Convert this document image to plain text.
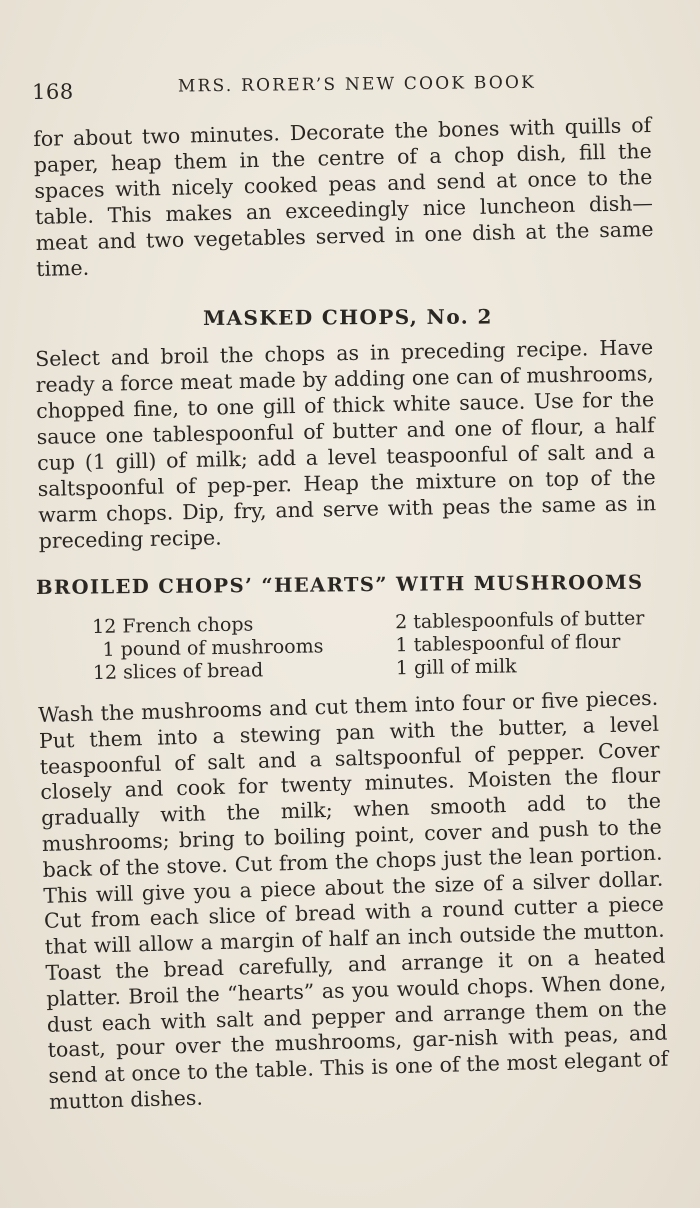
168	MRS. RORER’S NEW COOK BOOK

for about two minutes. Decorate the bones with quills of paper, heap them in the centre of a chop dish, fill the spaces with nicely cooked peas and send at once to the table. This makes an exceedingly nice luncheon dish—meat and two vegetables served in one dish at the same time.

MASKED CHOPS, No. 2

Select and broil the chops as in preceding recipe. Have ready a force meat made by adding one can of mushrooms, chopped fine, to one gill of thick white sauce. Use for the sauce one tablespoonful of butter and one of flour, a half cup (1 gill) of milk; add a level teaspoonful of salt and a saltspoonful of pep-per. Heap the mixture on top of the warm chops. Dip, fry, and serve with peas the same as in preceding recipe.

BROILED CHOPS’ “HEARTS” WITH MUSHROOMS
12 French chops
1 pound of mushrooms
12 slices of bread
2 tablespoonfuls of butter
1 tablespoonful of flour
1 gill of milk

Wash the mushrooms and cut them into four or five pieces. Put them into a stewing pan with the butter, a level teaspoonful of salt and a saltspoonful of pepper. Cover closely and cook for twenty minutes. Moisten the flour gradually with the milk; when smooth add to the mushrooms; bring to boiling point, cover and push to the back of the stove. Cut from the chops just the lean portion. This will give you a piece about the size of a silver dollar. Cut from each slice of bread with a round cutter a piece that will allow a margin of half an inch outside the mutton. Toast the bread carefully, and arrange it on a heated platter. Broil the “hearts” as you would chops. When done, dust each with salt and pepper and arrange them on the toast, pour over the mushrooms, gar-nish with peas, and send at once to the table. This is one of the most elegant of mutton dishes.
